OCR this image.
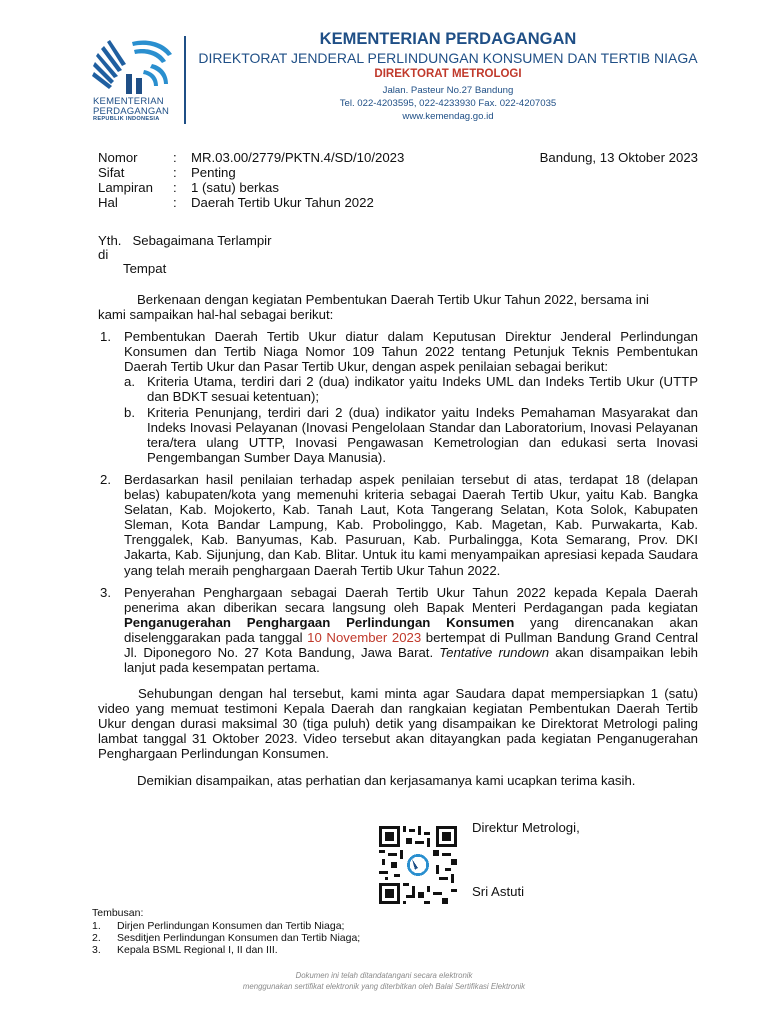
KEMENTERIAN
PERDAGANGAN
REPUBLIK INDONESIA
KEMENTERIAN PERDAGANGAN
DIREKTORAT JENDERAL PERLINDUNGAN KONSUMEN DAN TERTIB NIAGA
DIREKTORAT METROLOGI
Jalan. Pasteur No.27 Bandung
Tel. 022-4203595, 022-4233930 Fax. 022-4207035
www.kemendag.go.id
Nomor	: MR.03.00/2779/PKTN.4/SD/10/2023	Bandung, 13 Oktober 2023
Sifat	: Penting
Lampiran : 1 (satu) berkas
Hal	: Daerah Tertib Ukur Tahun 2022
Yth.   Sebagaimana Terlampir
di
Tempat
Berkenaan dengan kegiatan Pembentukan Daerah Tertib Ukur Tahun 2022, bersama ini
kami sampaikan hal-hal sebagai berikut:
1. Pembentukan Daerah Tertib Ukur diatur dalam Keputusan Direktur Jenderal Perlindungan Konsumen dan Tertib Niaga Nomor 109 Tahun 2022 tentang Petunjuk Teknis Pembentukan Daerah Tertib Ukur dan Pasar Tertib Ukur, dengan aspek penilaian sebagai berikut:
a. Kriteria Utama, terdiri dari 2 (dua) indikator yaitu Indeks UML dan Indeks Tertib Ukur (UTTP dan BDKT sesuai ketentuan);
b. Kriteria Penunjang, terdiri dari 2 (dua) indikator yaitu Indeks Pemahaman Masyarakat dan Indeks Inovasi Pelayanan (Inovasi Pengelolaan Standar dan Laboratorium, Inovasi Pelayanan tera/tera ulang UTTP, Inovasi Pengawasan Kemetrologian dan edukasi serta Inovasi Pengembangan Sumber Daya Manusia).
2. Berdasarkan hasil penilaian terhadap aspek penilaian tersebut di atas, terdapat 18 (delapan belas) kabupaten/kota yang memenuhi kriteria sebagai Daerah Tertib Ukur, yaitu Kab. Bangka Selatan, Kab. Mojokerto, Kab. Tanah Laut, Kota Tangerang Selatan, Kota Solok, Kabupaten Sleman, Kota Bandar Lampung, Kab. Probolinggo, Kab. Magetan, Kab. Purwakarta, Kab. Trenggalek, Kab. Banyumas, Kab. Pasuruan, Kab. Purbalingga, Kota Semarang, Prov. DKI Jakarta, Kab. Sijunjung, dan Kab. Blitar. Untuk itu kami menyampaikan apresiasi kepada Saudara yang telah meraih penghargaan Daerah Tertib Ukur Tahun 2022.
3. Penyerahan Penghargaan sebagai Daerah Tertib Ukur Tahun 2022 kepada Kepala Daerah penerima akan diberikan secara langsung oleh Bapak Menteri Perdagangan pada kegiatan Penganugerahan Penghargaan Perlindungan Konsumen yang direncanakan akan diselenggarakan pada tanggal 10 November 2023 bertempat di Pullman Bandung Grand Central Jl. Diponegoro No. 27 Kota Bandung, Jawa Barat. Tentative rundown akan disampaikan lebih lanjut pada kesempatan pertama.
Sehubungan dengan hal tersebut, kami minta agar Saudara dapat mempersiapkan 1 (satu) video yang memuat testimoni Kepala Daerah dan rangkaian kegiatan Pembentukan Daerah Tertib Ukur dengan durasi maksimal 30 (tiga puluh) detik yang disampaikan ke Direktorat Metrologi paling lambat tanggal 31 Oktober 2023. Video tersebut akan ditayangkan pada kegiatan Penganugerahan Penghargaan Perlindungan Konsumen.
Demikian disampaikan, atas perhatian dan kerjasamanya kami ucapkan terima kasih.
Direktur Metrologi,
Sri Astuti
Tembusan:
1. Dirjen Perlindungan Konsumen dan Tertib Niaga;
2. Sesditjen Perlindungan Konsumen dan Tertib Niaga;
3. Kepala BSML Regional I, II dan III.
Dokumen ini telah ditandatangani secara elektronik
menggunakan sertifikat elektronik yang diterbitkan oleh Balai Sertifikasi Elektronik
